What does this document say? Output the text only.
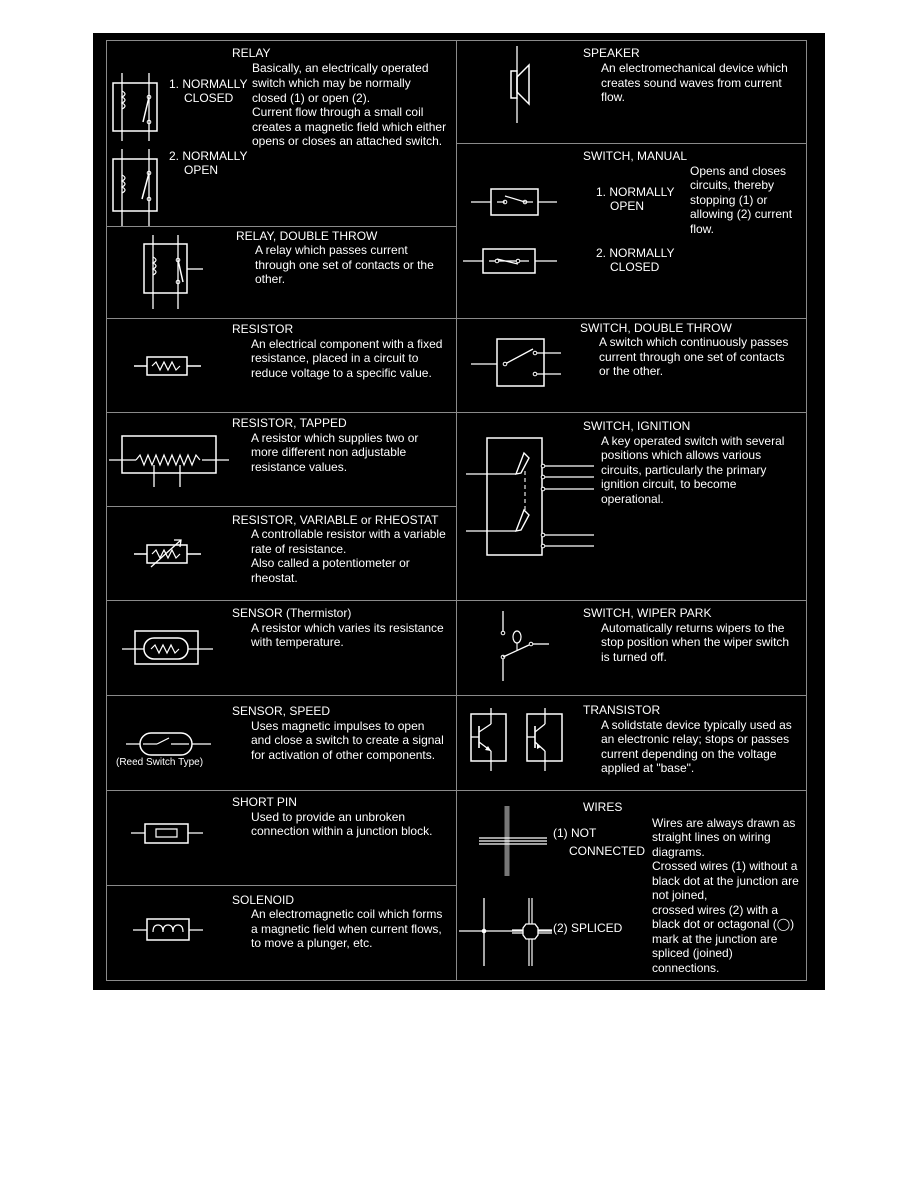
RELAY
1. NORMALLY
CLOSED
Basically, an electrically operated
switch which may be normally
closed (1) or open (2).
Current flow through a small coil
creates a magnetic field which either
opens or closes an attached switch.
2. NORMALLY
OPEN
RELAY, DOUBLE THROW
A relay which passes current
through one set of contacts or the
other.
RESISTOR
An electrical component with a fixed
resistance, placed in a circuit to
reduce voltage to a specific value.
RESISTOR, TAPPED
A resistor which supplies two or
more different non adjustable
resistance values.
RESISTOR, VARIABLE or RHEOSTAT
A controllable resistor with a variable
rate of resistance.
Also called a potentiometer or
rheostat.
SENSOR (Thermistor)
A resistor which varies its resistance
with temperature.
(Reed Switch Type)
SENSOR, SPEED
Uses magnetic impulses to open
and close a switch to create a signal
for activation of other components.
SHORT PIN
Used to provide an unbroken
connection within a junction block.
SOLENOID
An electromagnetic coil which forms
a magnetic field when current flows,
to move a plunger, etc.
SPEAKER
An electromechanical device which
creates sound waves from current
flow.
SWITCH, MANUAL
Opens and closes
circuits, thereby
stopping (1) or
allowing (2) current
flow.
1. NORMALLY
OPEN
2. NORMALLY
CLOSED
SWITCH, DOUBLE THROW
A switch which continuously passes
current through one set of contacts
or the other.
SWITCH, IGNITION
A key operated switch with several
positions which allows various
circuits, particularly the primary
ignition circuit, to become
operational.
SWITCH, WIPER PARK
Automatically returns wipers to the
stop position when the wiper switch
is turned off.
TRANSISTOR
A solidstate device typically used as
an electronic relay; stops or passes
current depending on the voltage
applied at "base".
WIRES
(1) NOT
CONNECTED
(2) SPLICED
Wires are always drawn as
straight lines on wiring
diagrams.
Crossed wires (1) without a
black dot at the junction are
not joined,
crossed wires (2) with a
black dot or octagonal (◯)
mark at the junction are
spliced (joined)
connections.
